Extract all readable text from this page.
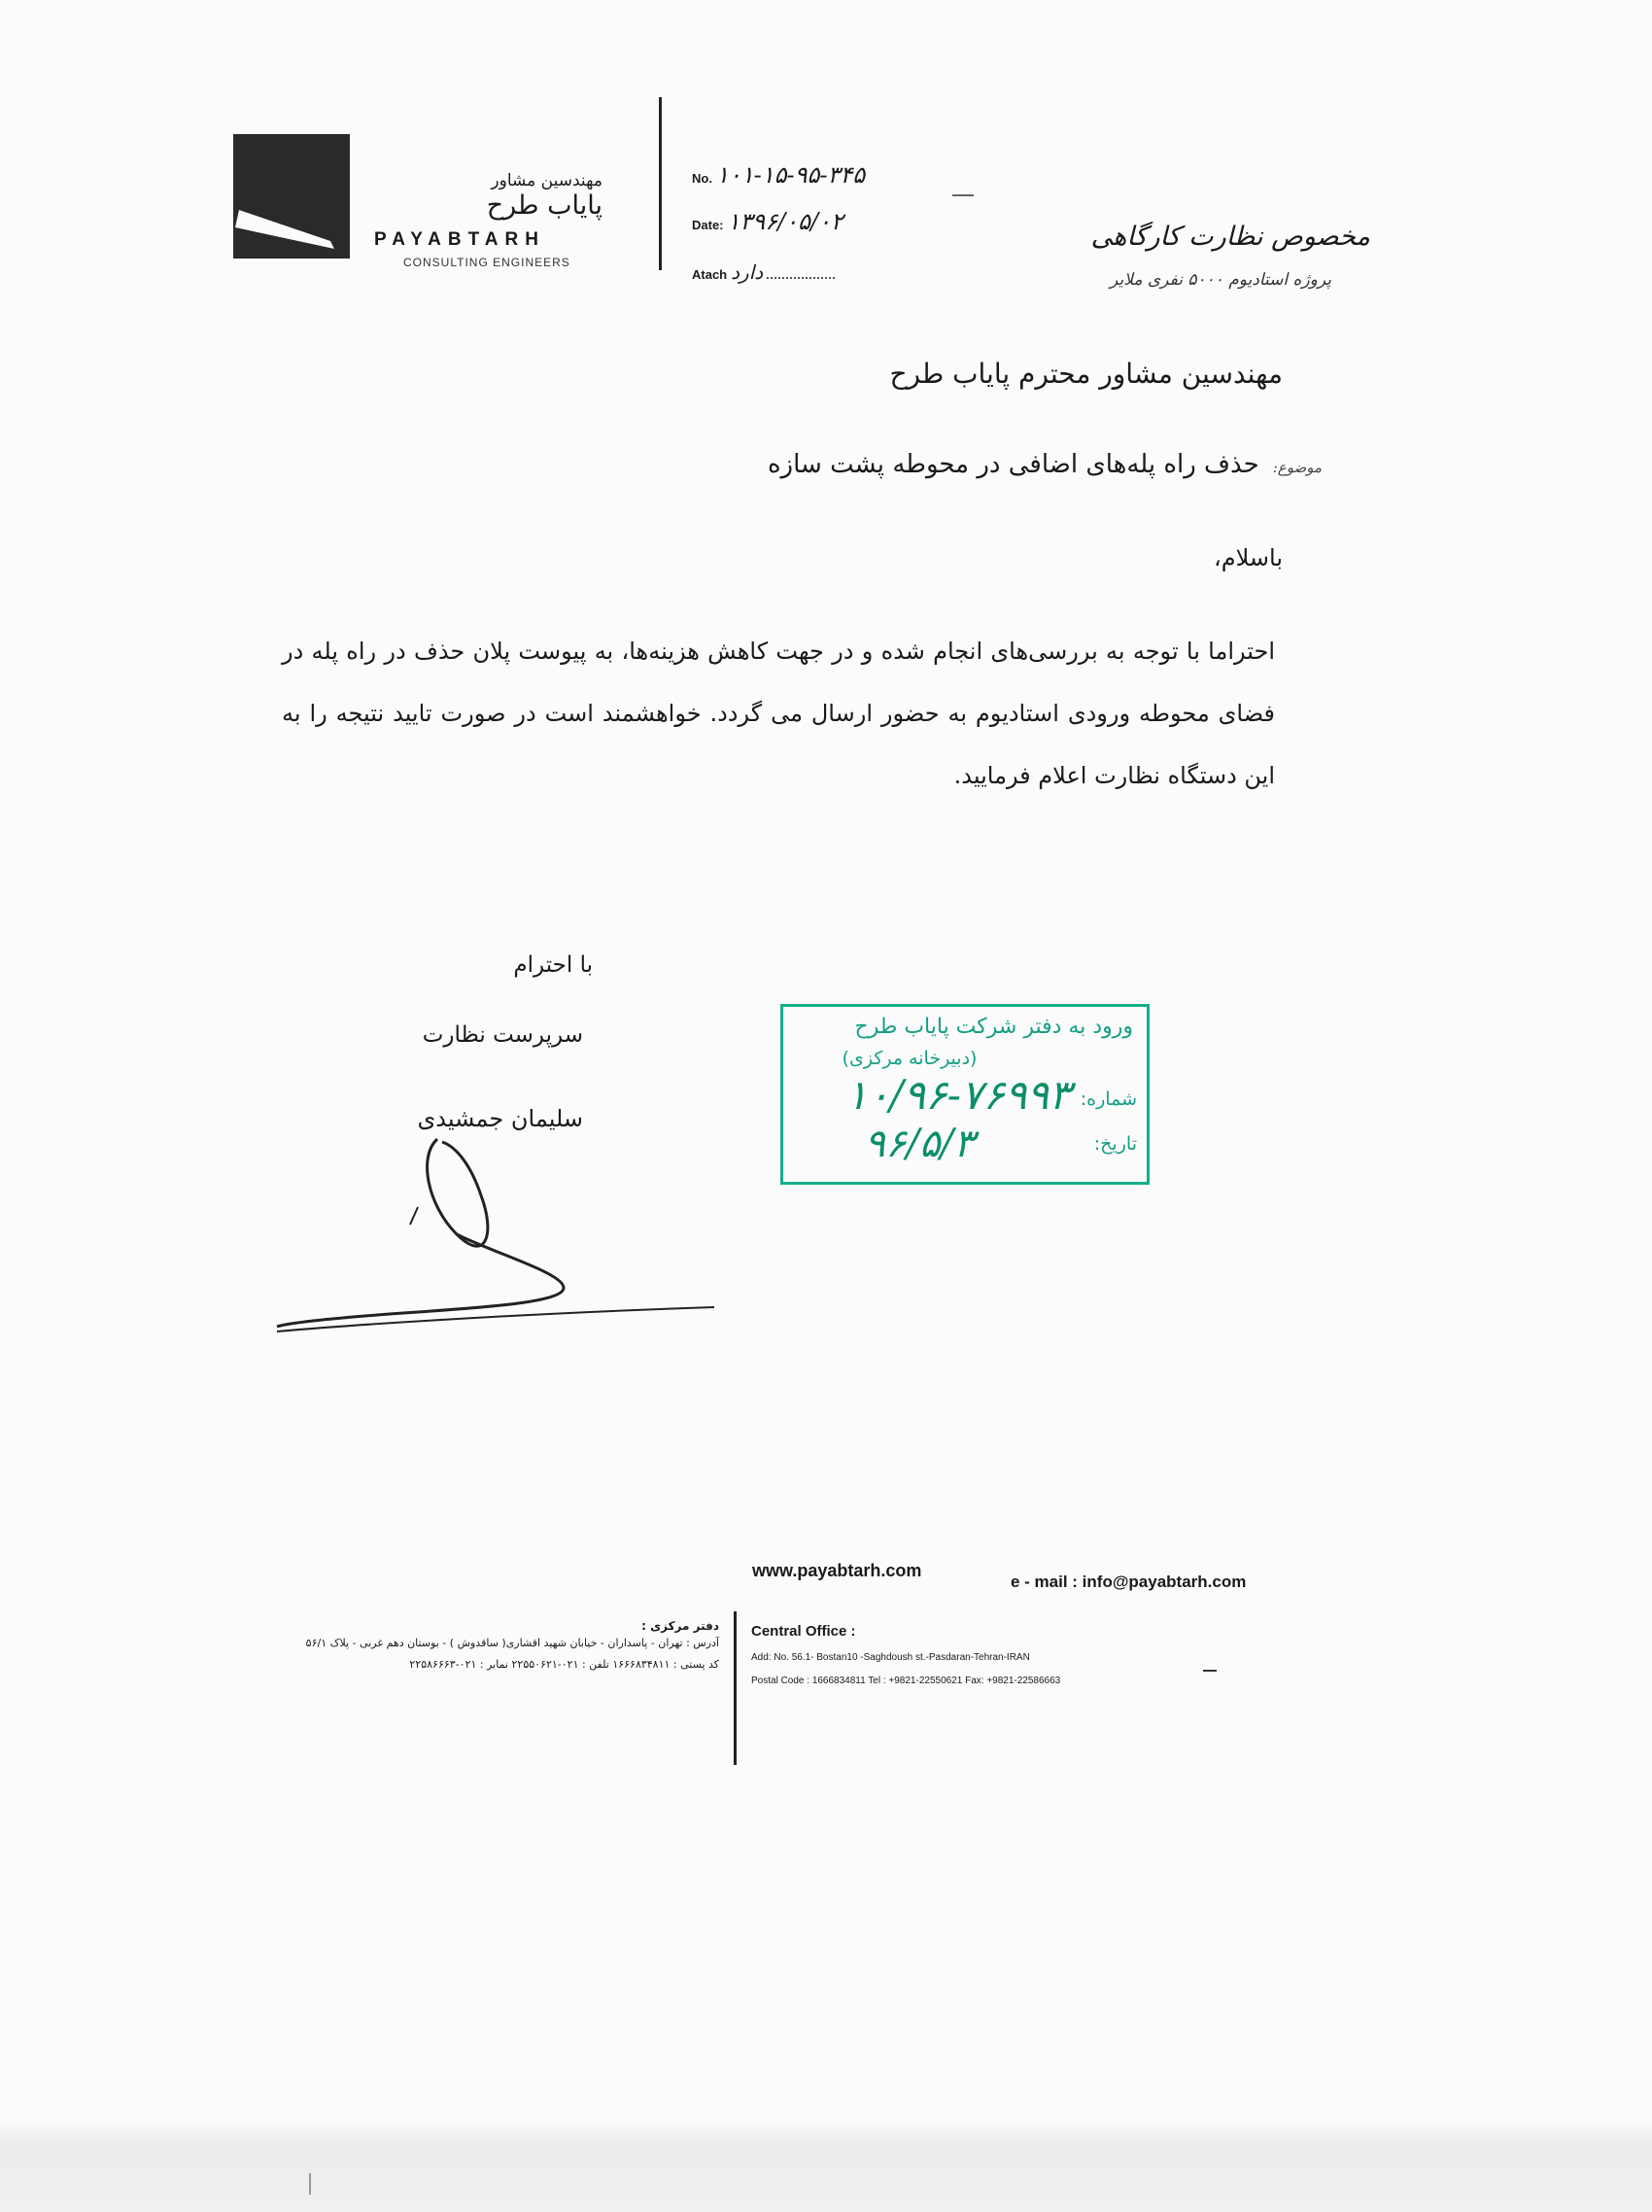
مهندسین مشاور
پایاب طرح
PAYABTARH
CONSULTING ENGINEERS
No. ۱۰۱-۱۵-۹۵-۳۴۵
Date: ۱۳۹۶/۰۵/۰۲
Atach دارد
مخصوص نظارت کارگاهی
پروژه استادیوم ۵۰۰۰ نفری ملایر
مهندسین مشاور محترم پایاب طرح
موضوع:حذف راه پله‌های اضافی در محوطه پشت سازه
باسلام،
احتراما با توجه به بررسی‌های انجام شده و در جهت کاهش هزینه‌ها، به پیوست پلان حذف در راه پله در فضای محوطه ورودی استادیوم به حضور ارسال می گردد. خواهشمند است در صورت تایید نتیجه را به این دستگاه نظارت اعلام فرمایید.
با احترام
سرپرست نظارت
سلیمان جمشیدی
ورود به دفتر شرکت پایاب طرح
(دبیرخانه مرکزی)
شماره:
۱۰/۹۶-۷۶۹۹۳
تاریخ:
۹۶/۵/۳
www.payabtarh.com
e - mail : info@payabtarh.com
Central Office :
Add: No. 56.1- Bostan10 -Saghdoush st.-Pasdaran-Tehran-IRAN
Postal Code : 1666834811 Tel : +9821-22550621 Fax: +9821-22586663
دفتر مرکزی :
آدرس : تهران - پاسداران - خیابان شهید اقشاری( ساقدوش ) - بوستان دهم غربی - پلاک ۵۶/۱
کد پستی : ۱۶۶۶۸۳۴۸۱۱ تلفن : ۰۲۱-۲۲۵۵۰۶۲۱ نمابر : ۰۲۱-۲۲۵۸۶۶۶۳
